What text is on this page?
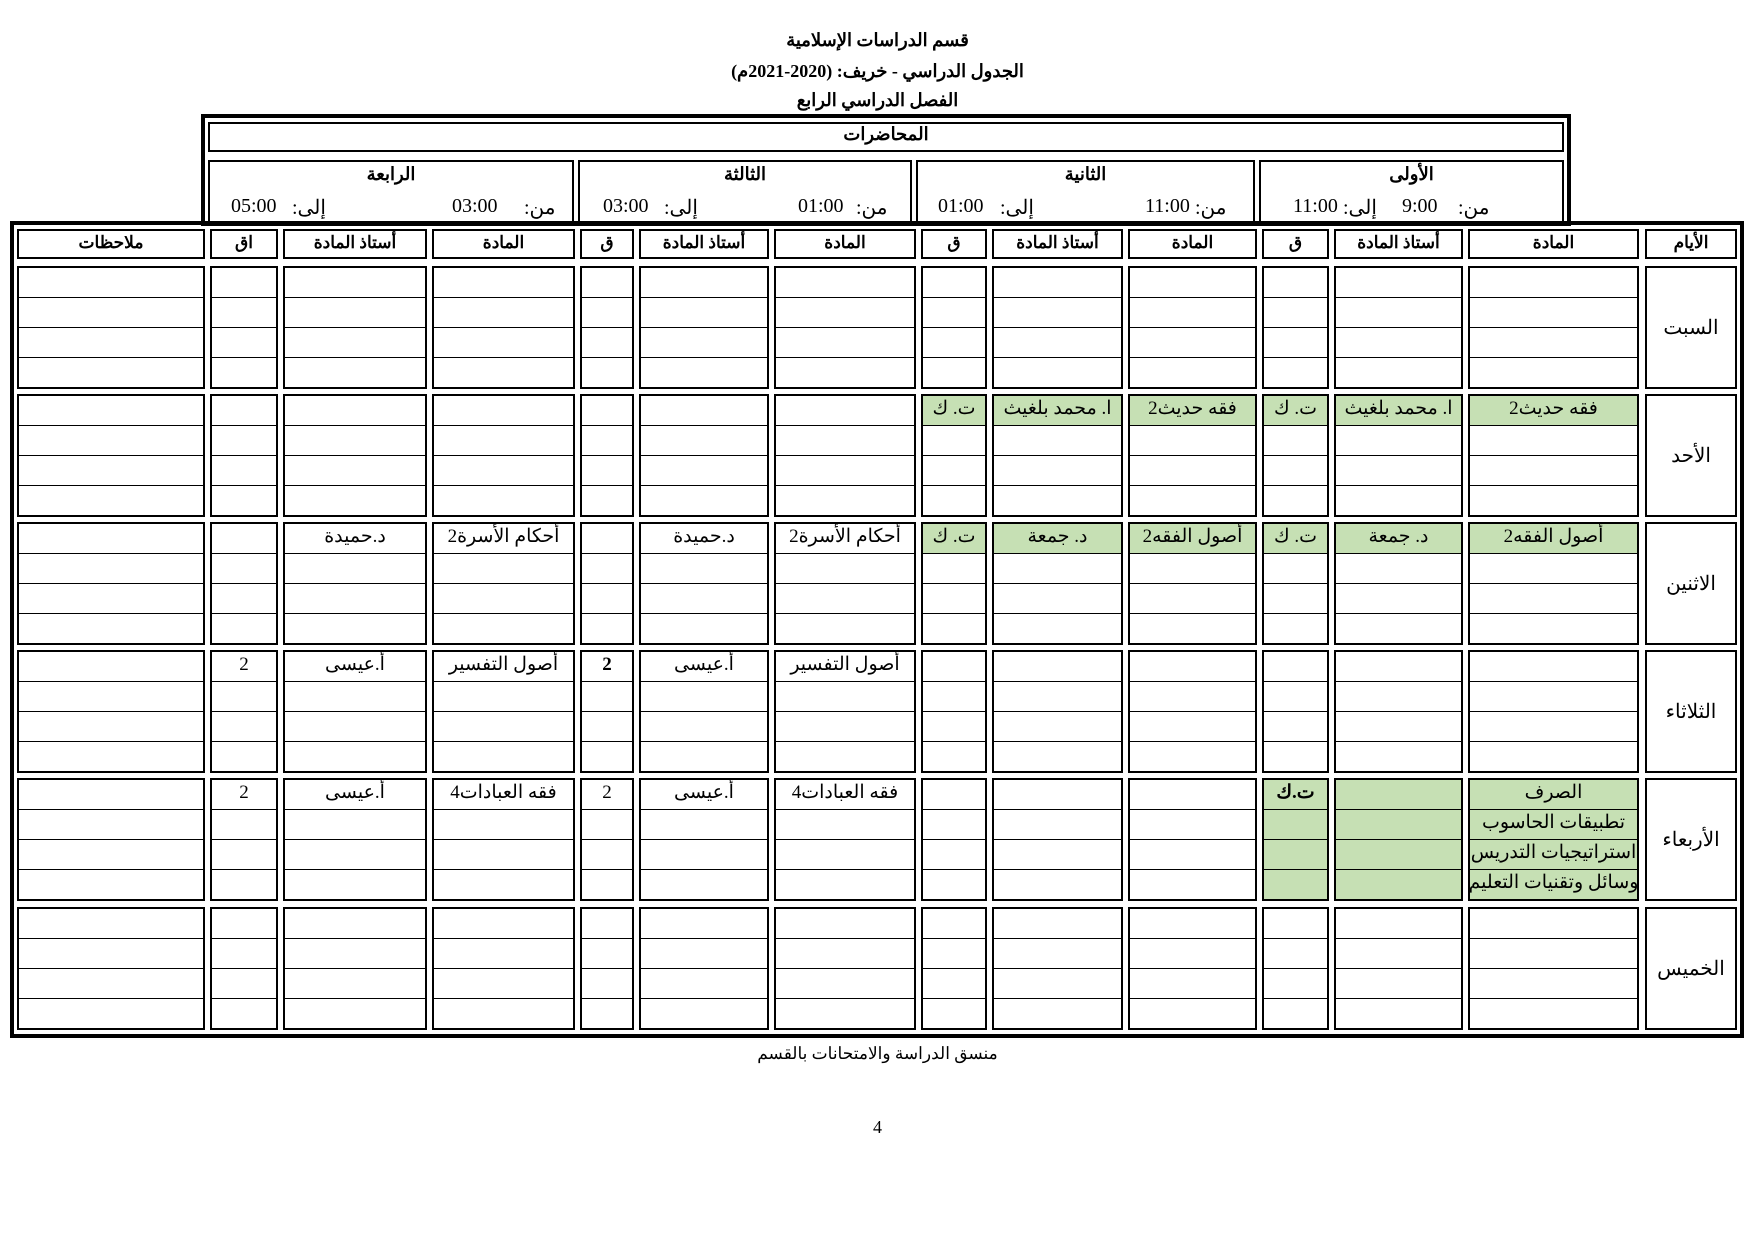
قسم الدراسات الإسلامية
الجدول الدراسي - خريف: (2020-2021م)
الفصل الدراسي الرابع
المحاضرات
الأولى
الثانية
الثالثة
الرابعة
من:
9:00
إلى:
11:00
من:
11:00
إلى:
01:00
من:
01:00
إلى:
03:00
من:
03:00
إلى:
05:00
الأيام
المادة
أستاذ المادة
ق
المادة
أستاذ المادة
ق
المادة
أستاذ المادة
ق
المادة
أستاذ المادة
اق
ملاحظات
السبت
الأحد
الاثنين
الثلاثاء
الأربعاء
الخميس
فقه حديث2
ا. محمد بلغيث
ت. ك
فقه حديث2
ا. محمد بلغيث
ت. ك
أصول الفقه2
د. جمعة
ت. ك
أصول الفقه2
د. جمعة
ت. ك
أحكام الأسرة2
د.حميدة
أحكام الأسرة2
د.حميدة
أصول التفسير
أ.عيسى
2
أصول التفسير
أ.عيسى
2
فقه العبادات4
أ.عيسى
2
فقه العبادات4
أ.عيسى
2	ت.ك	الصرف
تطبيقات الحاسوب
استراتيجيات التدريس
وسائل وتقنيات التعليم
منسق الدراسة والامتحانات بالقسم
4
